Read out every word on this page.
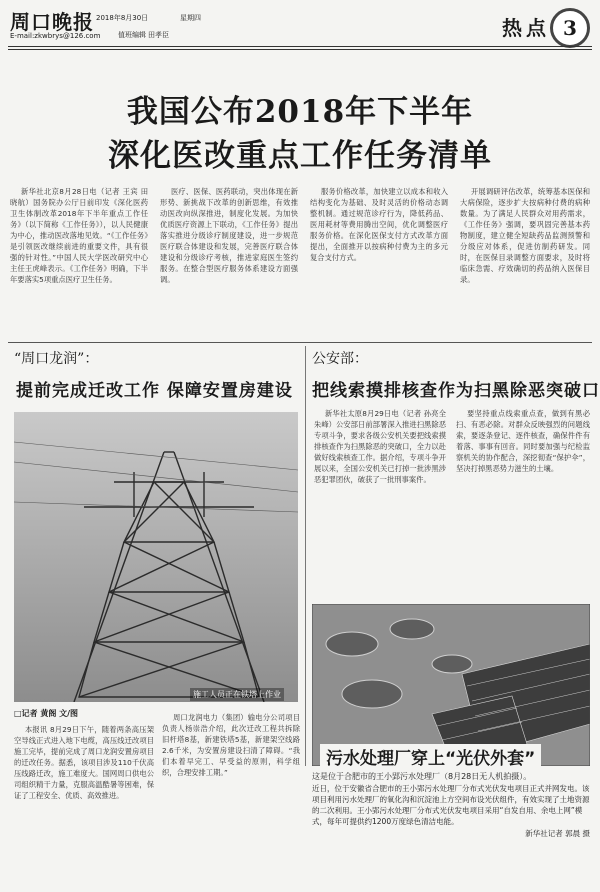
周口晚报
E-mail:zkwbrys@126.com
2018年8月30日	星期四
值班编辑 田孝臣	热点 3
我国公布2018年下半年
深化医改重点工作任务清单

新华社北京8月28日电（记者 王宾 田晓航）国务院办公厅日前印发《深化医药卫生体制改革2018年下半年重点工作任务》（以下简称《工作任务》），以人民健康为中心，推动医改落地见效。“《工作任务》是引领医改继续前进的重要文件，具有很强的针对性。”中国人民大学医改研究中心主任王虎峰表示。《工作任务》明确，下半年要落实5项重点医疗卫生任务。

医疗、医保、医药联动，突出体现在新形势、新挑战下改革的创新思维，有效推动医改向纵深推进，制度化发展。为加快优质医疗资源上下联动，《工作任务》提出落实推进分级诊疗制度建设，进一步规范医疗联合体建设和发展，完善医疗联合体建设和分级诊疗考核，推进家庭医生签约服务。在整合型医疗服务体系建设方面强调。

服务价格改革，加快建立以成本和收入结构变化为基础、及时灵活的价格动态调整机制。通过规范诊疗行为，降低药品、医用耗材等费用腾出空间，优化调整医疗服务价格。在深化医保支付方式改革方面提出，全面推开以按病种付费为主的多元复合支付方式。

开展调研评估改革，统筹基本医保和大病保险，逐步扩大按病种付费的病种数量。为了满足人民群众对用药需求，《工作任务》强调，要巩固完善基本药物制度，建立健全短缺药品监测预警和分级应对体系，促进仿制药研发。同时，在医保目录调整方面要求，及时将临床急需、疗效确切的药品纳入医保目录。

“周口龙润”：
提前完成迁改工作 保障安置房建设
施工人员正在铁塔上作业
□记者 黄阁 文/图

本报讯 8月29日下午，随着两条高压架空导线正式进入地下电缆，高压线迁改项目施工完毕，提前完成了周口龙润安置房项目的迁改任务。据悉，该项目涉及110千伏高压线路迁改，施工难度大。国网周口供电公司组织精干力量，克服高温酷暑等困难，保证了工程安全、优质、高效推进。

周口龙润电力（集团）输电分公司项目负责人杨崇浩介绍，此次迁改工程共拆除旧杆塔8基，新建铁塔5基，新建架空线路2.6千米，为安置房建设扫清了障碍。“我们本着早完工、早受益的原则，科学组织，合理安排工期。”

公安部：
把线索摸排核查作为扫黑除恶突破口

新华社太原8月29日电（记者 孙亮全 朱峰）公安部日前部署深入推进扫黑除恶专项斗争，要求各级公安机关要把线索摸排核查作为扫黑除恶的突破口，全力以赴做好线索核查工作。据介绍，专项斗争开展以来，全国公安机关已打掉一批涉黑涉恶犯罪团伙，破获了一批刑事案件。

要坚持重点线索重点查，做到有黑必扫、有恶必除。对群众反映强烈的问题线索，要逐条登记、逐件核查，确保件件有着落、事事有回音。同时要加强与纪检监察机关的协作配合，深挖彻查“保护伞”，坚决打掉黑恶势力滋生的土壤。

污水处理厂穿上“光伏外套”
这是位于合肥市的王小郢污水处理厂（8月28日无人机拍摄）。
近日，位于安徽省合肥市的王小郢污水处理厂分布式光伏发电项目正式并网发电。该项目利用污水处理厂的氧化沟和沉淀池上方空间布设光伏组件，有效实现了土地资源的二次利用。王小郢污水处理厂分布式光伏发电项目采用“自发自用、余电上网”模式，每年可提供约1200万度绿色清洁电能。
新华社记者 郭晨 摄
